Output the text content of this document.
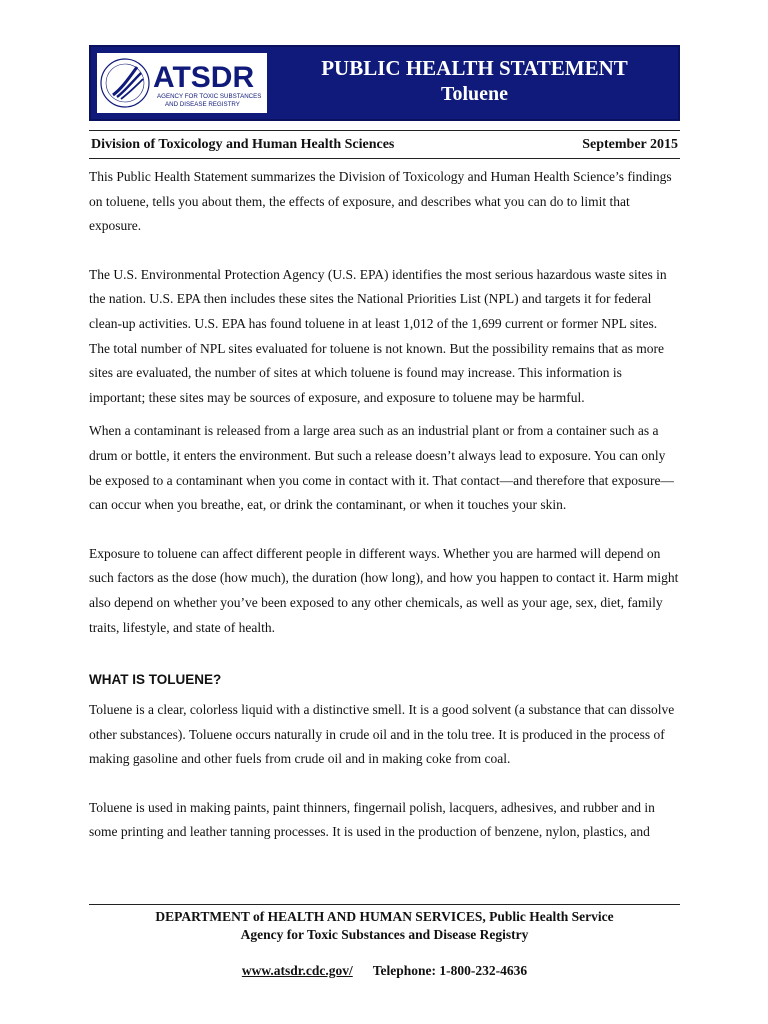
ATSDR
AGENCY FOR TOXIC SUBSTANCES
AND DISEASE REGISTRY
PUBLIC HEALTH STATEMENT
Toluene
Division of Toxicology and Human Health Sciences	September 2015

This Public Health Statement summarizes the Division of Toxicology and Human Health Science’s findings on toluene, tells you about them, the effects of exposure, and describes what you can do to limit that exposure.

The U.S. Environmental Protection Agency (U.S. EPA) identifies the most serious hazardous waste sites in the nation. U.S. EPA then includes these sites the National Priorities List (NPL) and targets it for federal clean-up activities. U.S. EPA has found toluene in at least 1,012 of the 1,699 current or former NPL sites. The total number of NPL sites evaluated for toluene is not known. But the possibility remains that as more sites are evaluated, the number of sites at which toluene is found may increase. This information is important; these sites may be sources of exposure, and exposure to toluene may be harmful.

When a contaminant is released from a large area such as an industrial plant or from a container such as a drum or bottle, it enters the environment. But such a release doesn’t always lead to exposure. You can only be exposed to a contaminant when you come in contact with it. That contact—and therefore that exposure—can occur when you breathe, eat, or drink the contaminant, or when it touches your skin.

Exposure to toluene can affect different people in different ways. Whether you are harmed will depend on such factors as the dose (how much), the duration (how long), and how you happen to contact it. Harm might also depend on whether you’ve been exposed to any other chemicals, as well as your age, sex, diet, family traits, lifestyle, and state of health.

WHAT IS TOLUENE?

Toluene is a clear, colorless liquid with a distinctive smell. It is a good solvent (a substance that can dissolve other substances). Toluene occurs naturally in crude oil and in the tolu tree. It is produced in the process of making gasoline and other fuels from crude oil and in making coke from coal.

Toluene is used in making paints, paint thinners, fingernail polish, lacquers, adhesives, and rubber and in some printing and leather tanning processes. It is used in the production of benzene, nylon, plastics, and

DEPARTMENT of HEALTH AND HUMAN SERVICES, Public Health Service
Agency for Toxic Substances and Disease Registry
www.atsdr.cdc.gov/ Telephone: 1-800-232-4636
